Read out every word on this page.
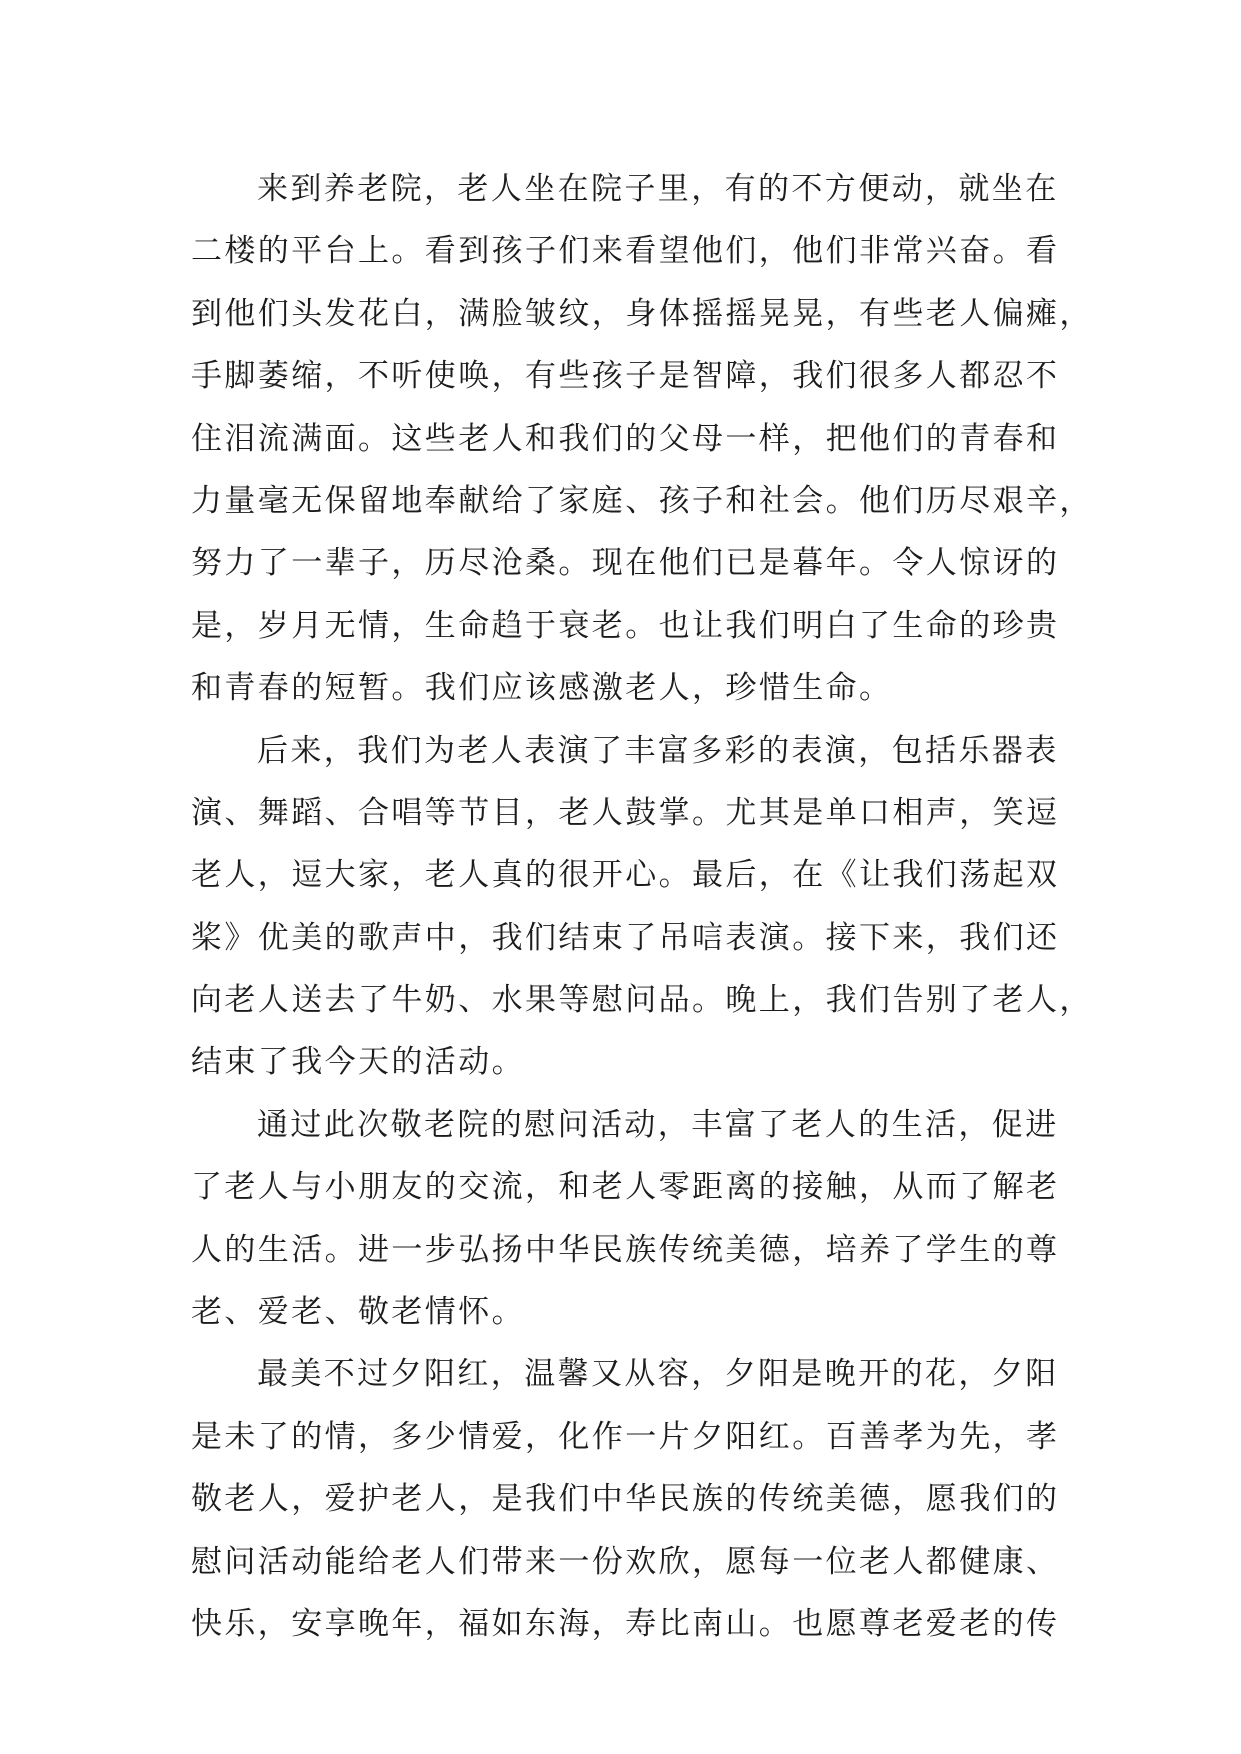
来到养老院，老人坐在院子里，有的不方便动，就坐在
二楼的平台上。看到孩子们来看望他们，他们非常兴奋。看
到他们头发花白，满脸皱纹，身体摇摇晃晃，有些老人偏瘫，
手脚萎缩，不听使唤，有些孩子是智障，我们很多人都忍不
住泪流满面。这些老人和我们的父母一样，把他们的青春和
力量毫无保留地奉献给了家庭、孩子和社会。他们历尽艰辛，
努力了一辈子，历尽沧桑。现在他们已是暮年。令人惊讶的
是，岁月无情，生命趋于衰老。也让我们明白了生命的珍贵
和青春的短暂。我们应该感激老人，珍惜生命。
后来，我们为老人表演了丰富多彩的表演，包括乐器表
演、舞蹈、合唱等节目，老人鼓掌。尤其是单口相声，笑逗
老人，逗大家，老人真的很开心。最后，在《让我们荡起双
桨》优美的歌声中，我们结束了吊唁表演。接下来，我们还
向老人送去了牛奶、水果等慰问品。晚上，我们告别了老人，
结束了我今天的活动。
通过此次敬老院的慰问活动，丰富了老人的生活，促进
了老人与小朋友的交流，和老人零距离的接触，从而了解老
人的生活。进一步弘扬中华民族传统美德，培养了学生的尊
老、爱老、敬老情怀。
最美不过夕阳红，温馨又从容，夕阳是晚开的花，夕阳
是未了的情，多少情爱，化作一片夕阳红。百善孝为先，孝
敬老人，爱护老人，是我们中华民族的传统美德，愿我们的
慰问活动能给老人们带来一份欢欣，愿每一位老人都健康、
快乐，安享晚年，福如东海，寿比南山。也愿尊老爱老的传
